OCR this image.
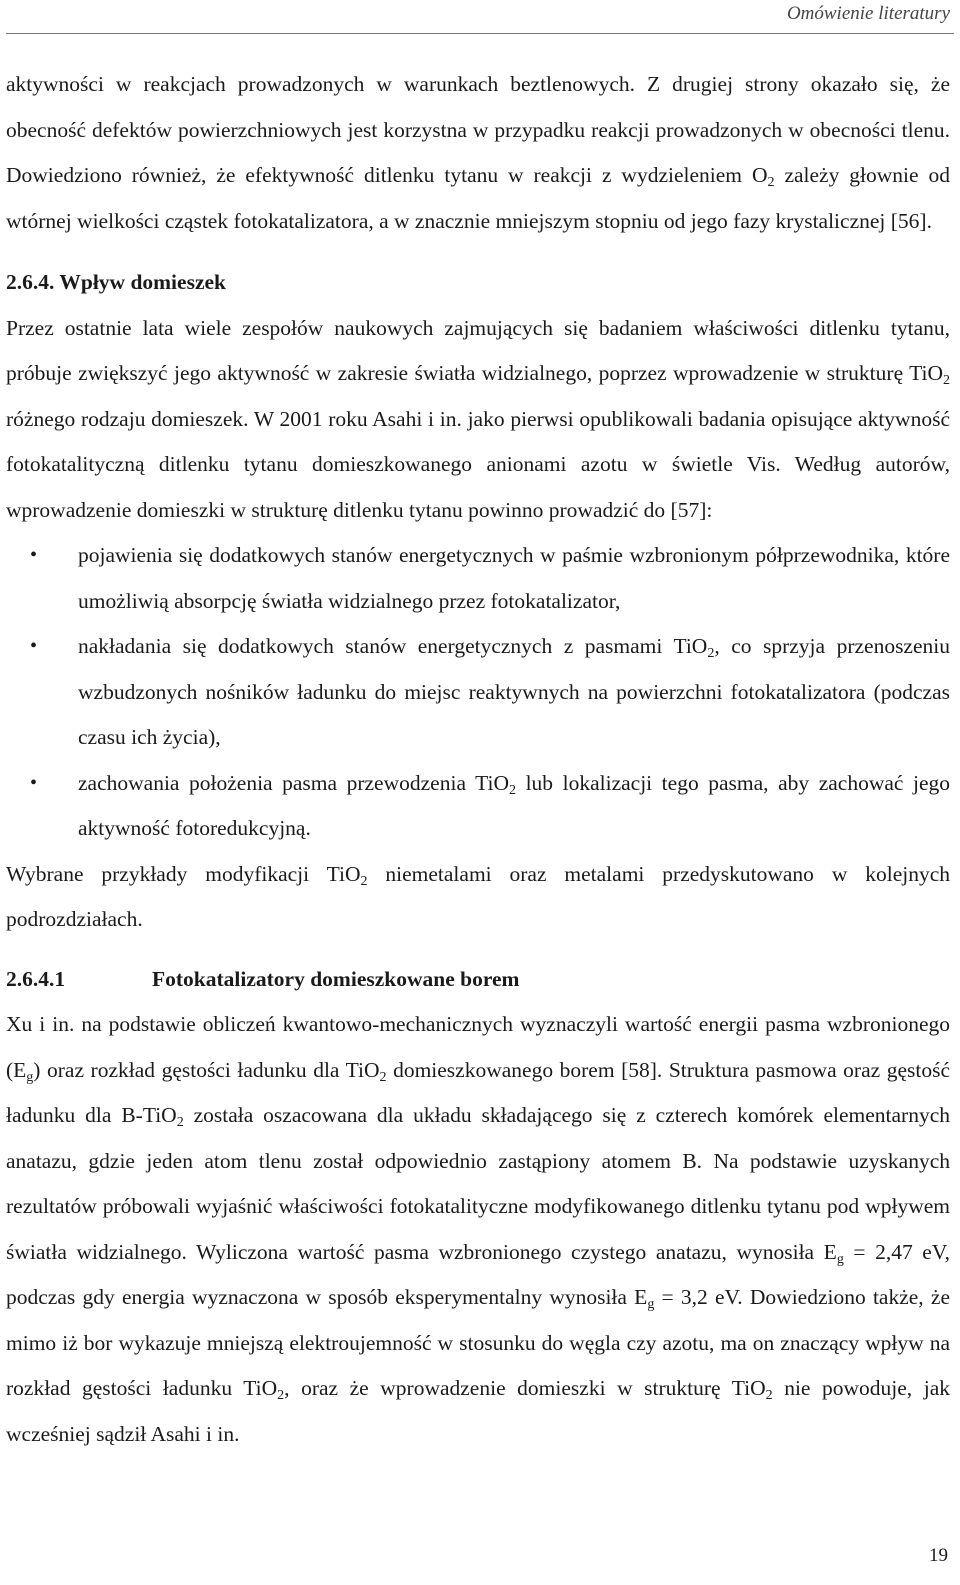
Omówienie literatury

aktywności w reakcjach prowadzonych w warunkach beztlenowych. Z drugiej strony okazało się, że obecność defektów powierzchniowych jest korzystna w przypadku reakcji prowadzonych w obecności tlenu. Dowiedziono również, że efektywność ditlenku tytanu w reakcji z wydzieleniem $O_2$ zależy głownie od wtórnej wielkości cząstek fotokatalizatora, a w znacznie mniejszym stopniu od jego fazy krystalicznej [56].

2.6.4. Wpływ domieszek

Przez ostatnie lata wiele zespołów naukowych zajmujących się badaniem właściwości ditlenku tytanu, próbuje zwiększyć jego aktywność w zakresie światła widzialnego, poprzez wprowadzenie w strukturę TiO$_2$ różnego rodzaju domieszek. W 2001 roku Asahi i in. jako pierwsi opublikowali badania opisujące aktywność fotokatalityczną ditlenku tytanu domieszkowanego anionami azotu w świetle Vis. Według autorów, wprowadzenie domieszki w strukturę ditlenku tytanu powinno prowadzić do [57]:

• pojawienia się dodatkowych stanów energetycznych w paśmie wzbronionym półprzewodnika, które umożliwią absorpcję światła widzialnego przez fotokatalizator,
• nakładania się dodatkowych stanów energetycznych z pasmami TiO$_2$, co sprzyja przenoszeniu wzbudzonych nośników ładunku do miejsc reaktywnych na powierzchni fotokatalizatora (podczas czasu ich życia),
• zachowania położenia pasma przewodzenia TiO$_2$ lub lokalizacji tego pasma, aby zachować jego aktywność fotoredukcyjną.

Wybrane przykłady modyfikacji TiO$_2$ niemetalami oraz metalami przedyskutowano w kolejnych podrozdziałach.

2.6.4.1	Fotokatalizatory domieszkowane borem

Xu i in. na podstawie obliczeń kwantowo-mechanicznych wyznaczyli wartość energii pasma wzbronionego $(E_g)$ oraz rozkład gęstości ładunku dla TiO$_2$ domieszkowanego borem [58]. Struktura pasmowa oraz gęstość ładunku dla B-TiO$_2$ została oszacowana dla układu składającego się z czterech komórek elementarnych anatazu, gdzie jeden atom tlenu został odpowiednio zastąpiony atomem B. Na podstawie uzyskanych rezultatów próbowali wyjaśnić właściwości fotokatalityczne modyfikowanego ditlenku tytanu pod wpływem światła widzialnego. Wyliczona wartość pasma wzbronionego czystego anatazu, wynosiła $E_g = 2,47$ eV, podczas gdy energia wyznaczona w sposób eksperymentalny wynosiła $E_g = 3,2$ eV. Dowiedziono także, że mimo iż bor wykazuje mniejszą elektroujemność w stosunku do węgla czy azotu, ma on znaczący wpływ na rozkład gęstości ładunku TiO$_2$, oraz że wprowadzenie domieszki w strukturę TiO$_2$ nie powoduje, jak wcześniej sądził Asahi i in.

19
